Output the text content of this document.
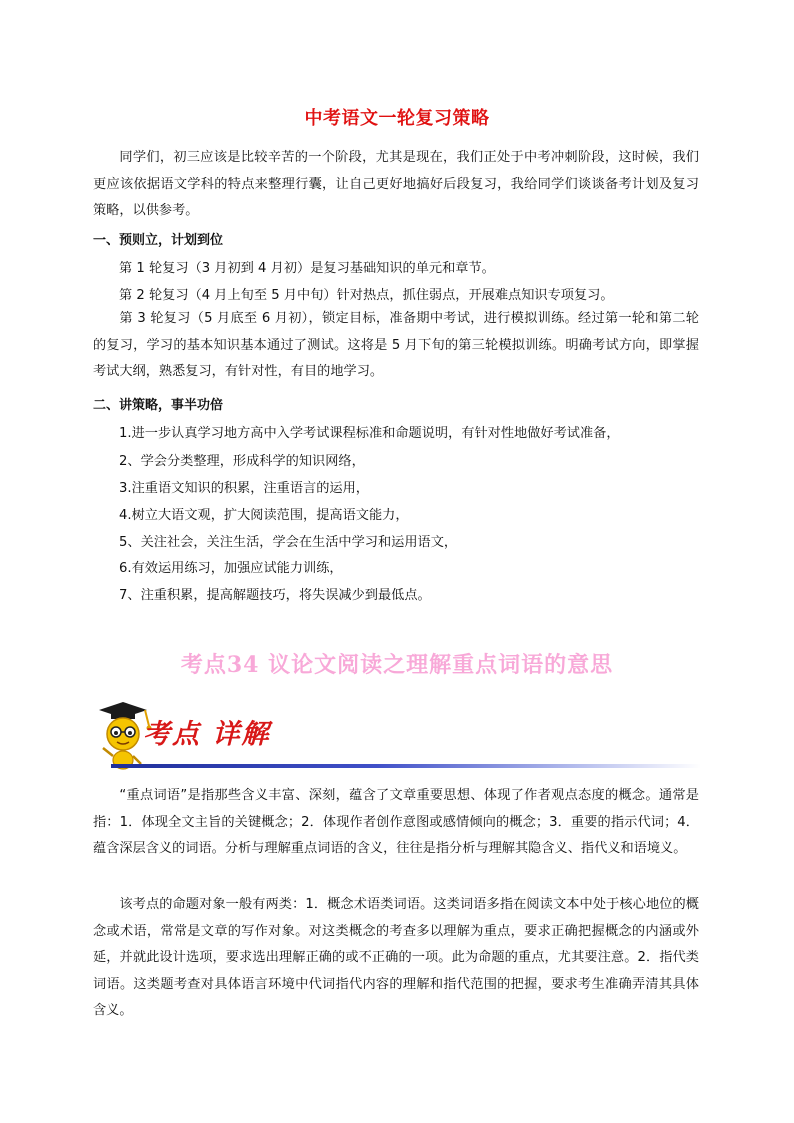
中考语文一轮复习策略

同学们，初三应该是比较辛苦的一个阶段，尤其是现在，我们正处于中考冲刺阶段，这时候，我们更应该依据语文学科的特点来整理行囊，让自己更好地搞好后段复习，我给同学们谈谈备考计划及复习策略，以供参考。

一、预则立，计划到位
第 1 轮复习（3 月初到 4 月初）是复习基础知识的单元和章节。
第 2 轮复习（4 月上旬至 5 月中旬）针对热点，抓住弱点，开展难点知识专项复习。

第 3 轮复习（5 月底至 6 月初），锁定目标，准备期中考试，进行模拟训练。经过第一轮和第二轮的复习，学习的基本知识基本通过了测试。这将是 5 月下旬的第三轮模拟训练。明确考试方向，即掌握考试大纲，熟悉复习，有针对性，有目的地学习。

二、讲策略，事半功倍
1.进一步认真学习地方高中入学考试课程标准和命题说明，有针对性地做好考试准备，
2、学会分类整理，形成科学的知识网络，
3.注重语文知识的积累，注重语言的运用，
4.树立大语文观，扩大阅读范围，提高语文能力，
5、关注社会，关注生活，学会在生活中学习和运用语文，
6.有效运用练习，加强应试能力训练，
7、注重积累，提高解题技巧，将失误减少到最低点。
考点34 议论文阅读之理解重点词语的意思
考点 详解

“重点词语”是指那些含义丰富、深刻，蕴含了文章重要思想、体现了作者观点态度的概念。通常是指：1．体现全文主旨的关键概念；2．体现作者创作意图或感情倾向的概念；3．重要的指示代词；4．蕴含深层含义的词语。分析与理解重点词语的含义，往往是指分析与理解其隐含义、指代义和语境义。

该考点的命题对象一般有两类：1．概念术语类词语。这类词语多指在阅读文本中处于核心地位的概念或术语，常常是文章的写作对象。对这类概念的考查多以理解为重点，要求正确把握概念的内涵或外延，并就此设计选项，要求选出理解正确的或不正确的一项。此为命题的重点，尤其要注意。2．指代类词语。这类题考查对具体语言环境中代词指代内容的理解和指代范围的把握，要求考生准确弄清其具体含义。
